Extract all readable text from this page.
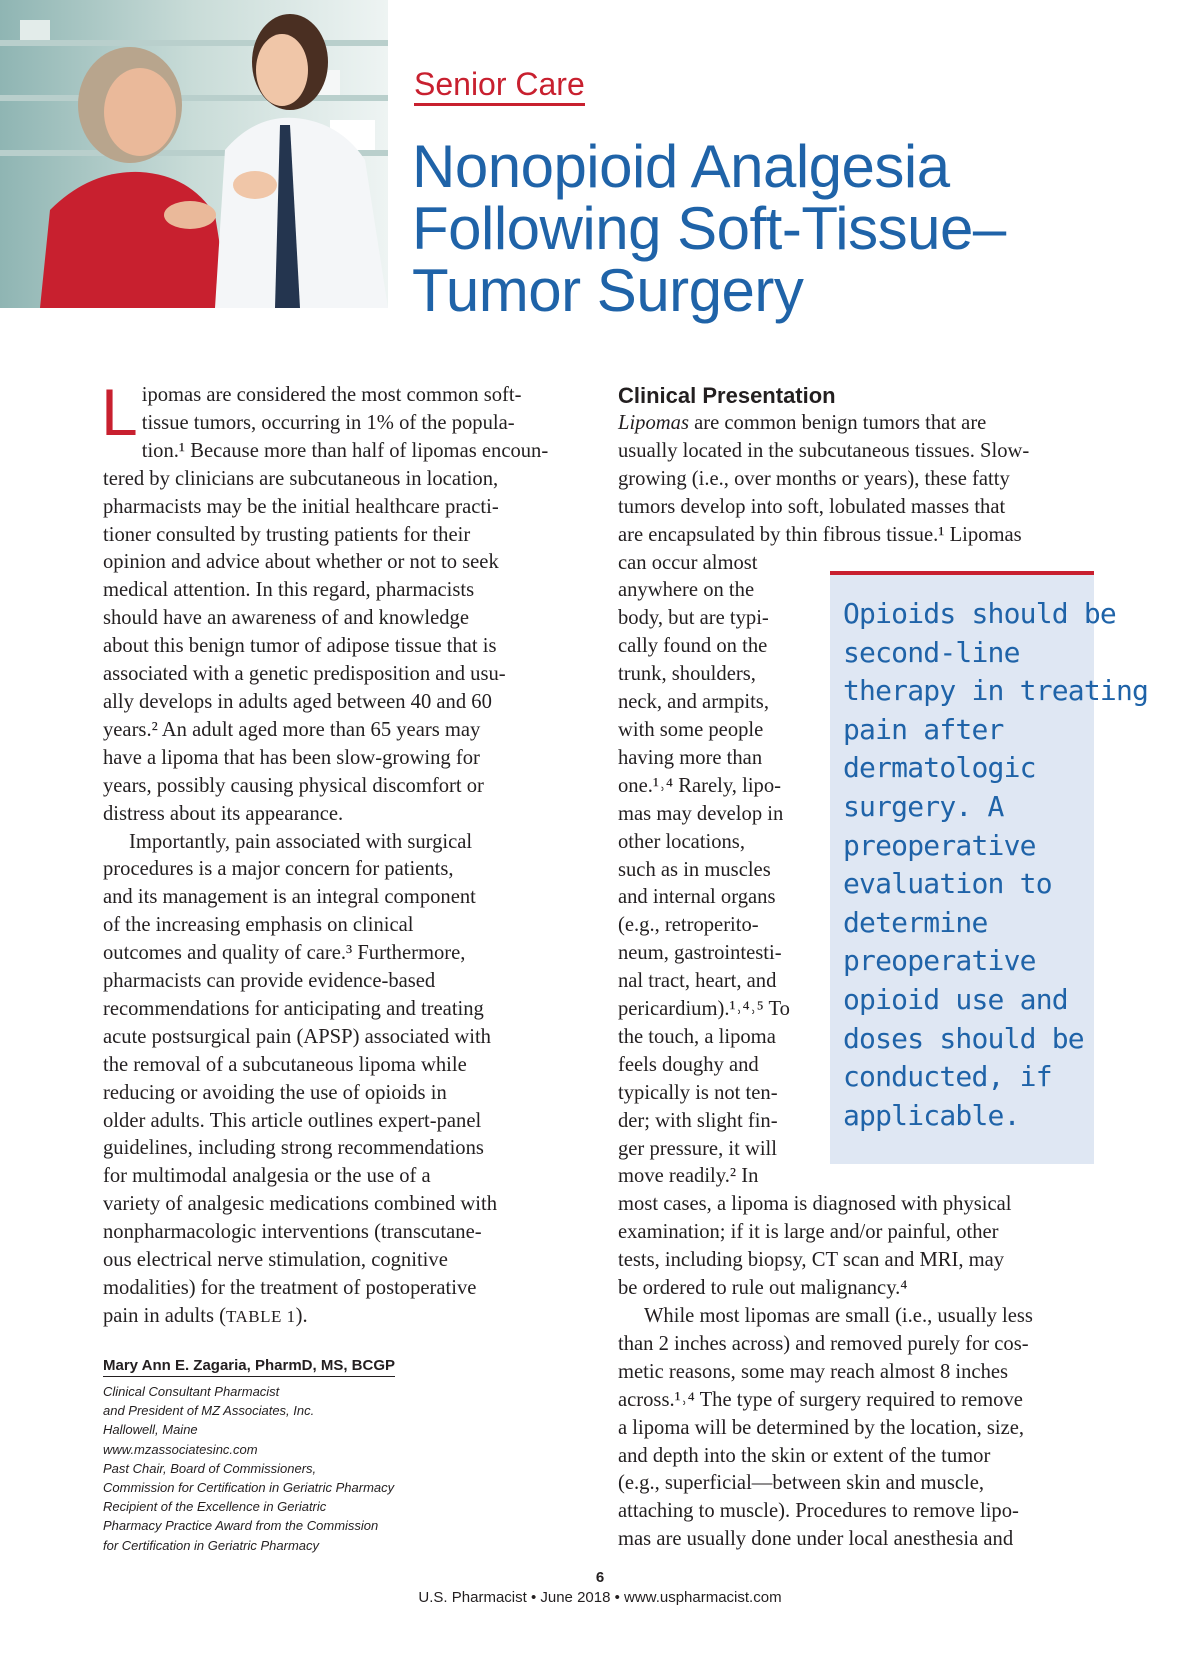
Senior Care
Nonopioid Analgesia
Following Soft-Tissue–
Tumor Surgery

L ipomas are considered the most common soft-
tissue tumors, occurring in 1% of the popula-
tion.¹ Because more than half of lipomas encoun-
tered by clinicians are subcutaneous in location,
pharmacists may be the initial healthcare practi-
tioner consulted by trusting patients for their
opinion and advice about whether or not to seek
medical attention. In this regard, pharmacists
should have an awareness of and knowledge
about this benign tumor of adipose tissue that is
associated with a genetic predisposition and usu-
ally develops in adults aged between 40 and 60
years.² An adult aged more than 65 years may
have a lipoma that has been slow-growing for
years, possibly causing physical discomfort or
distress about its appearance.

Importantly, pain associated with surgical
procedures is a major concern for patients,
and its management is an integral component
of the increasing emphasis on clinical
outcomes and quality of care.³ Furthermore,
pharmacists can provide evidence-based
recommendations for anticipating and treating
acute postsurgical pain (APSP) associated with
the removal of a subcutaneous lipoma while
reducing or avoiding the use of opioids in
older adults. This article outlines expert-panel
guidelines, including strong recommendations
for multimodal analgesia or the use of a
variety of analgesic medications combined with
nonpharmacologic interventions (transcutane-
ous electrical nerve stimulation, cognitive
modalities) for the treatment of postoperative
pain in adults (TABLE 1).

Mary Ann E. Zagaria, PharmD, MS, BCGP
Clinical Consultant Pharmacist
and President of MZ Associates, Inc.
Hallowell, Maine
www.mzassociatesinc.com
Past Chair, Board of Commissioners,
Commission for Certification in Geriatric Pharmacy
Recipient of the Excellence in Geriatric
Pharmacy Practice Award from the Commission
for Certification in Geriatric Pharmacy
Clinical Presentation

Lipomas are common benign tumors that are
usually located in the subcutaneous tissues. Slow-
growing (i.e., over months or years), these fatty
tumors develop into soft, lobulated masses that
are encapsulated by thin fibrous tissue.¹ Lipomas
can occur almost
anywhere on the
body, but are typi-
cally found on the
trunk, shoulders,
neck, and armpits,
with some people
having more than
one.¹˒⁴ Rarely, lipo-
mas may develop in
other locations,
such as in muscles
and internal organs
(e.g., retroperito-
neum, gastrointesti-
nal tract, heart, and
pericardium).¹˒⁴˒⁵ To
the touch, a lipoma
feels doughy and
typically is not ten-
der; with slight fin-
ger pressure, it will
move readily.² In
most cases, a lipoma is diagnosed with physical
examination; if it is large and/or painful, other
tests, including biopsy, CT scan and MRI, may
be ordered to rule out malignancy.⁴

While most lipomas are small (i.e., usually less
than 2 inches across) and removed purely for cos-
metic reasons, some may reach almost 8 inches
across.¹˒⁴ The type of surgery required to remove
a lipoma will be determined by the location, size,
and depth into the skin or extent of the tumor
(e.g., superficial—between skin and muscle,
attaching to muscle). Procedures to remove lipo-
mas are usually done under local anesthesia and

Opioids should be
second-line
therapy in treating
pain after
dermatologic
surgery. A
preoperative
evaluation to
determine
preoperative
opioid use and
doses should be
conducted, if
applicable.
6
U.S. Pharmacist • June 2018 • www.uspharmacist.com
